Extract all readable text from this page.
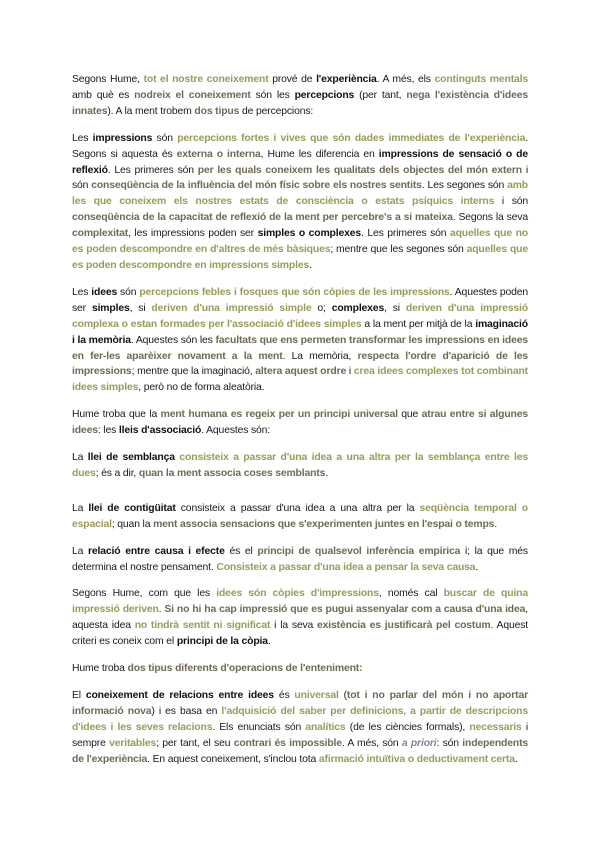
Segons Hume, tot el nostre coneixement prové de l'experiència. A més, els continguts mentals amb què es nodreix el coneixement són les percepcions (per tant, nega l'existència d'idees innates). A la ment trobem dos tipus de percepcions:

Les impressions són percepcions fortes i vives que són dades immediates de l'experiència. Segons si aquesta és externa o interna, Hume les diferencia en impressions de sensació o de reflexió. Les primeres són per les quals coneixem les qualitats dels objectes del món extern i són conseqüència de la influència del món físic sobre els nostres sentits. Les segones són amb les que coneixem els nostres estats de consciència o estats psíquics interns i són conseqüència de la capacitat de reflexió de la ment per percebre's a si mateixa. Segons la seva complexitat, les impressions poden ser simples o complexes. Les primeres són aquelles que no es poden descompondre en d'altres de més bàsiques; mentre que les segones són aquelles que es poden descompondre en impressions simples.

Les idees són percepcions febles i fosques que són còpies de les impressions. Aquestes poden ser simples, si deriven d'una impressió simple o; complexes, si deriven d'una impressió complexa o estan formades per l'associació d'idees simples a la ment per mitjà de la imaginació i la memòria. Aquestes són les facultats que ens permeten transformar les impressions en idees en fer-les aparèixer novament a la ment. La memòria, respecta l'ordre d'aparició de les impressions; mentre que la imaginació, altera aquest ordre i crea idees complexes tot combinant idees simples, però no de forma aleatòria.

Hume troba que la ment humana es regeix per un principi universal que atrau entre si algunes idees: les lleis d'associació. Aquestes són:

La llei de semblança consisteix a passar d'una idea a una altra per la semblança entre les dues; és a dir, quan la ment associa coses semblants.

La llei de contigüitat consisteix a passar d'una idea a una altra per la seqüència temporal o espacial; quan la ment associa sensacions que s'experimenten juntes en l'espai o temps.

La relació entre causa i efecte és el principi de qualsevol inferència empírica i; la que més determina el nostre pensament. Consisteix a passar d'una idea a pensar la seva causa.

Segons Hume, com que les idees són còpies d'impressions, només cal buscar de quina impressió deriven. Si no hi ha cap impressió que es pugui assenyalar com a causa d'una idea, aquesta idea no tindrà sentit ni significat i la seva existència es justificarà pel costum. Aquest criteri es coneix com el principi de la còpia.

Hume troba dos tipus diferents d'operacions de l'enteniment:

El coneixement de relacions entre idees és universal (tot i no parlar del món i no aportar informació nova) i es basa en l'adquisició del saber per definicions, a partir de descripcions d'idees i les seves relacions. Els enunciats són analítics (de les ciències formals), necessaris i sempre veritables; per tant, el seu contrari és impossible. A més, són a priori: són independents de l'experiència. En aquest coneixement, s'inclou tota afirmació intuïtiva o deductivament certa.
